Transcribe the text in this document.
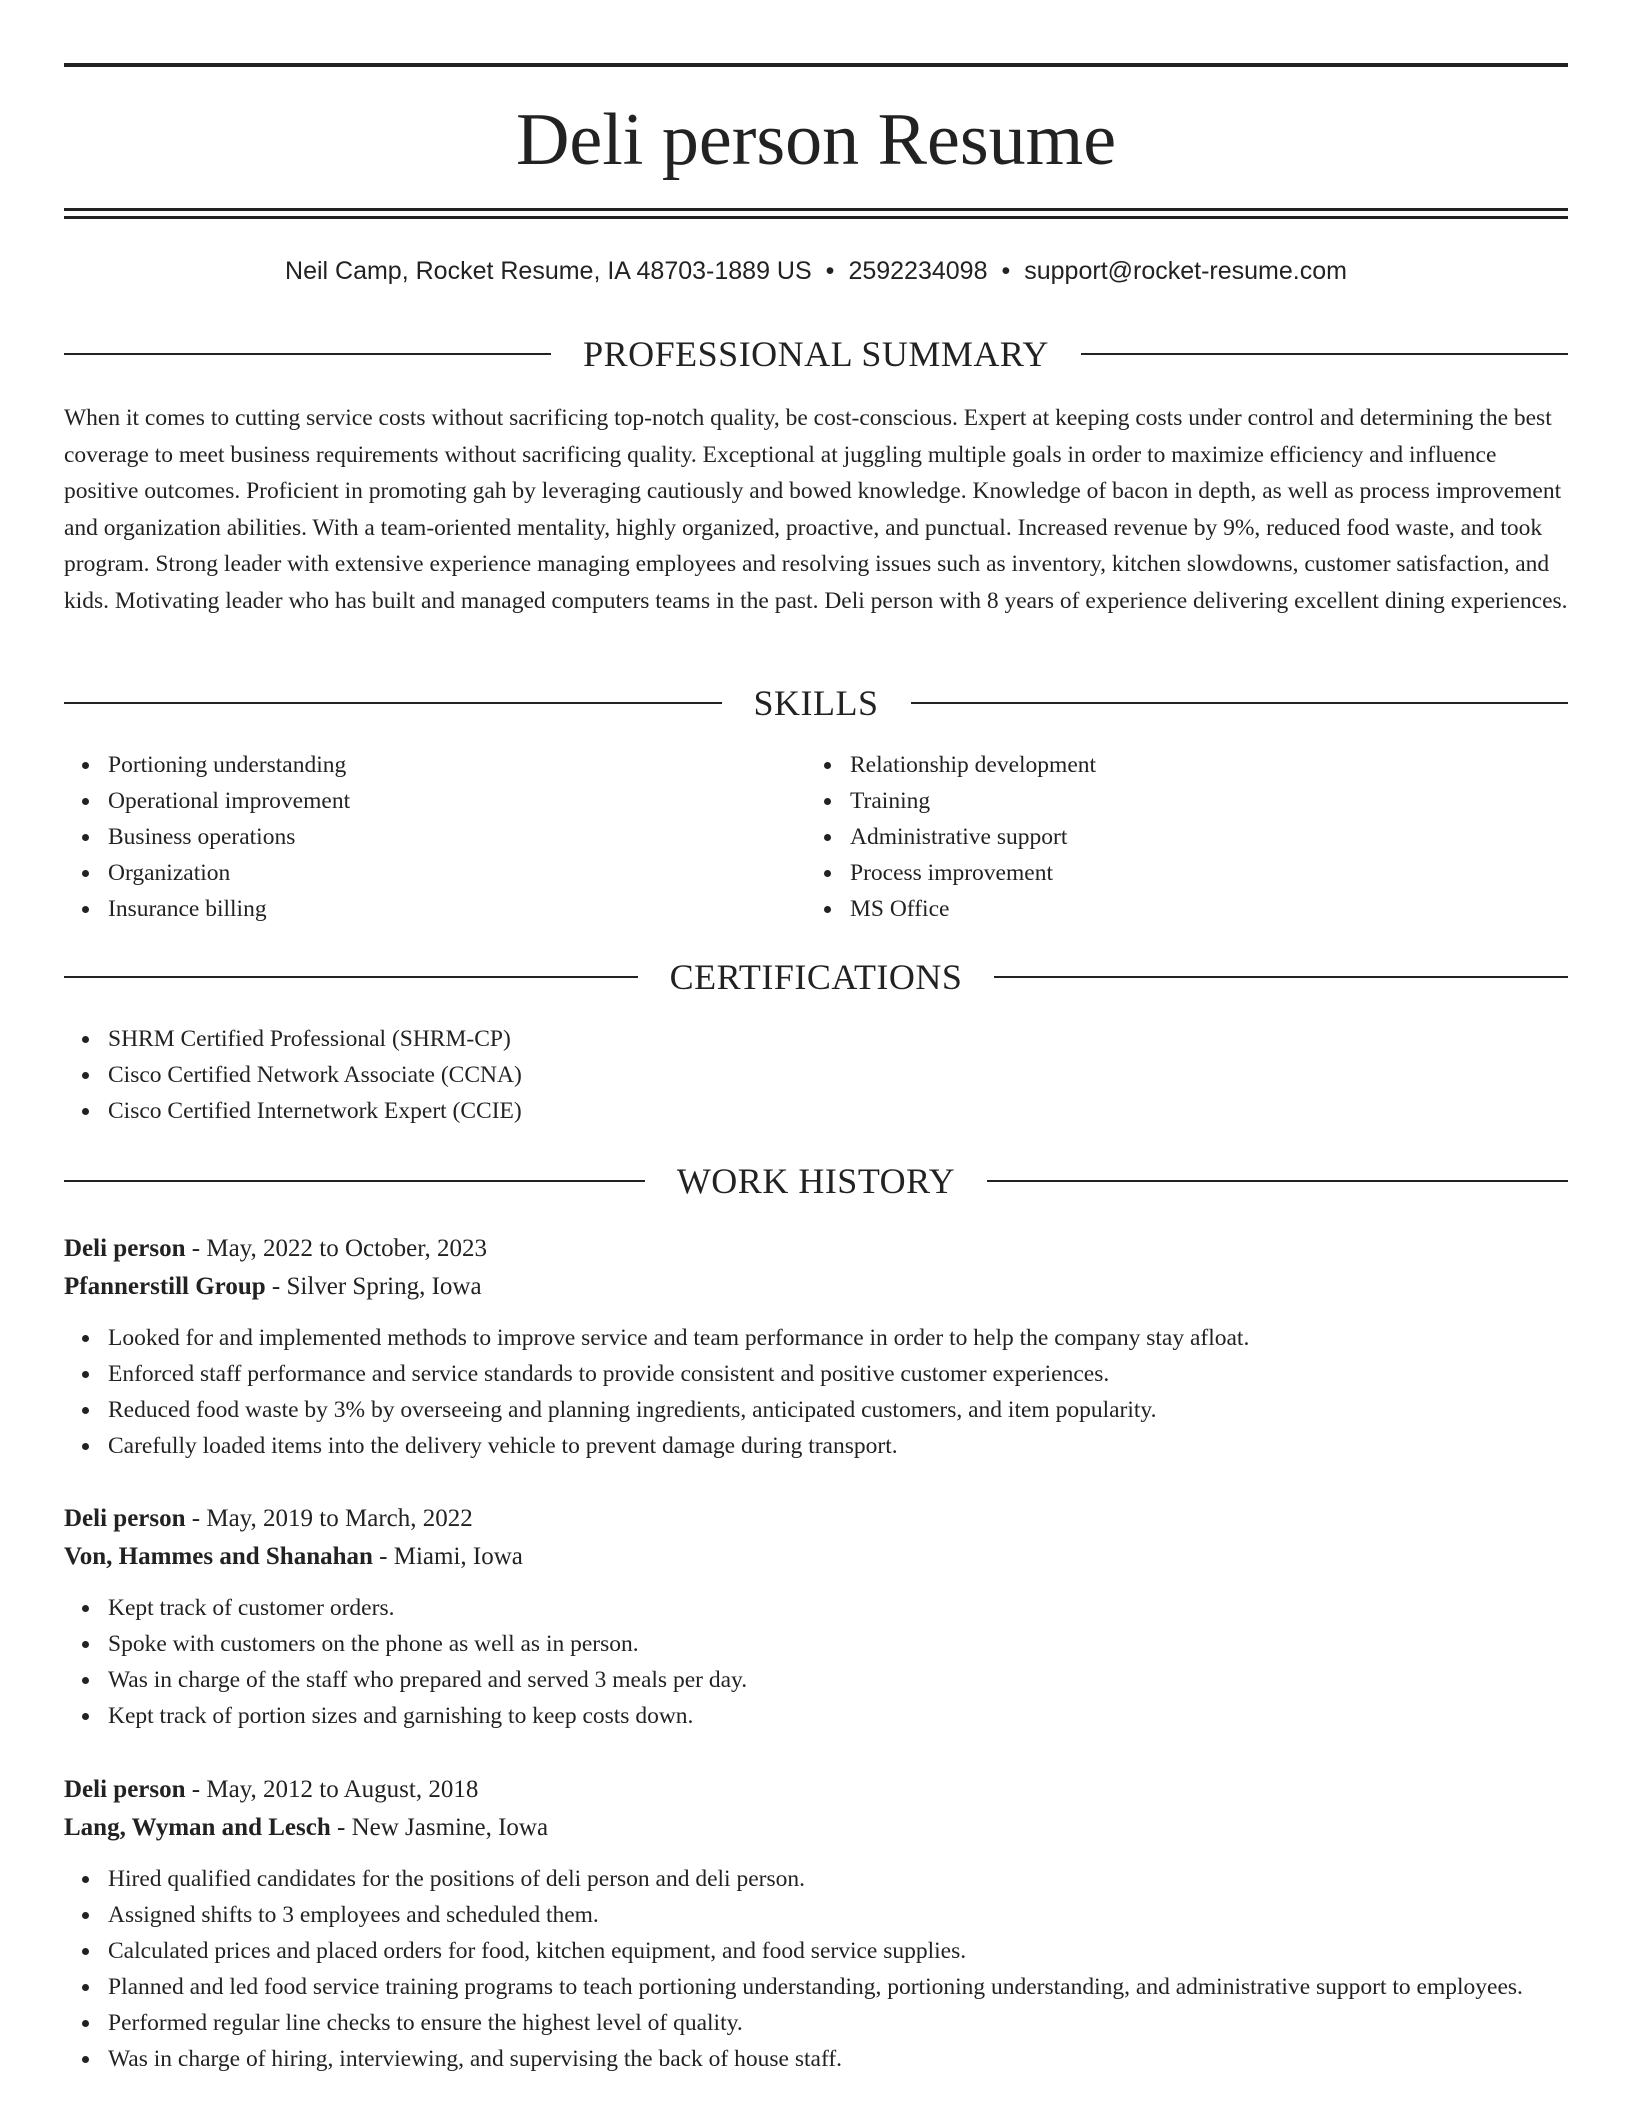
Deli person Resume
Neil Camp, Rocket Resume, IA 48703-1889 US • 2592234098 • support@rocket-resume.com
PROFESSIONAL SUMMARY

When it comes to cutting service costs without sacrificing top-notch quality, be cost-conscious. Expert at keeping costs under control and determining the best coverage to meet business requirements without sacrificing quality. Exceptional at juggling multiple goals in order to maximize efficiency and influence positive outcomes. Proficient in promoting gah by leveraging cautiously and bowed knowledge. Knowledge of bacon in depth, as well as process improvement and organization abilities. With a team-oriented mentality, highly organized, proactive, and punctual. Increased revenue by 9%, reduced food waste, and took program. Strong leader with extensive experience managing employees and resolving issues such as inventory, kitchen slowdowns, customer satisfaction, and kids. Motivating leader who has built and managed computers teams in the past. Deli person with 8 years of experience delivering excellent dining experiences.

SKILLS
Portioning understanding
Operational improvement
Business operations
Organization
Insurance billing
Relationship development
Training
Administrative support
Process improvement
MS Office
CERTIFICATIONS
SHRM Certified Professional (SHRM-CP)
Cisco Certified Network Associate (CCNA)
Cisco Certified Internetwork Expert (CCIE)
WORK HISTORY
Deli person - May, 2022 to October, 2023
Pfannerstill Group - Silver Spring, Iowa
Looked for and implemented methods to improve service and team performance in order to help the company stay afloat.
Enforced staff performance and service standards to provide consistent and positive customer experiences.
Reduced food waste by 3% by overseeing and planning ingredients, anticipated customers, and item popularity.
Carefully loaded items into the delivery vehicle to prevent damage during transport.
Deli person - May, 2019 to March, 2022
Von, Hammes and Shanahan - Miami, Iowa
Kept track of customer orders.
Spoke with customers on the phone as well as in person.
Was in charge of the staff who prepared and served 3 meals per day.
Kept track of portion sizes and garnishing to keep costs down.
Deli person - May, 2012 to August, 2018
Lang, Wyman and Lesch - New Jasmine, Iowa
Hired qualified candidates for the positions of deli person and deli person.
Assigned shifts to 3 employees and scheduled them.
Calculated prices and placed orders for food, kitchen equipment, and food service supplies.
Planned and led food service training programs to teach portioning understanding, portioning understanding, and administrative support to employees.
Performed regular line checks to ensure the highest level of quality.
Was in charge of hiring, interviewing, and supervising the back of house staff.
